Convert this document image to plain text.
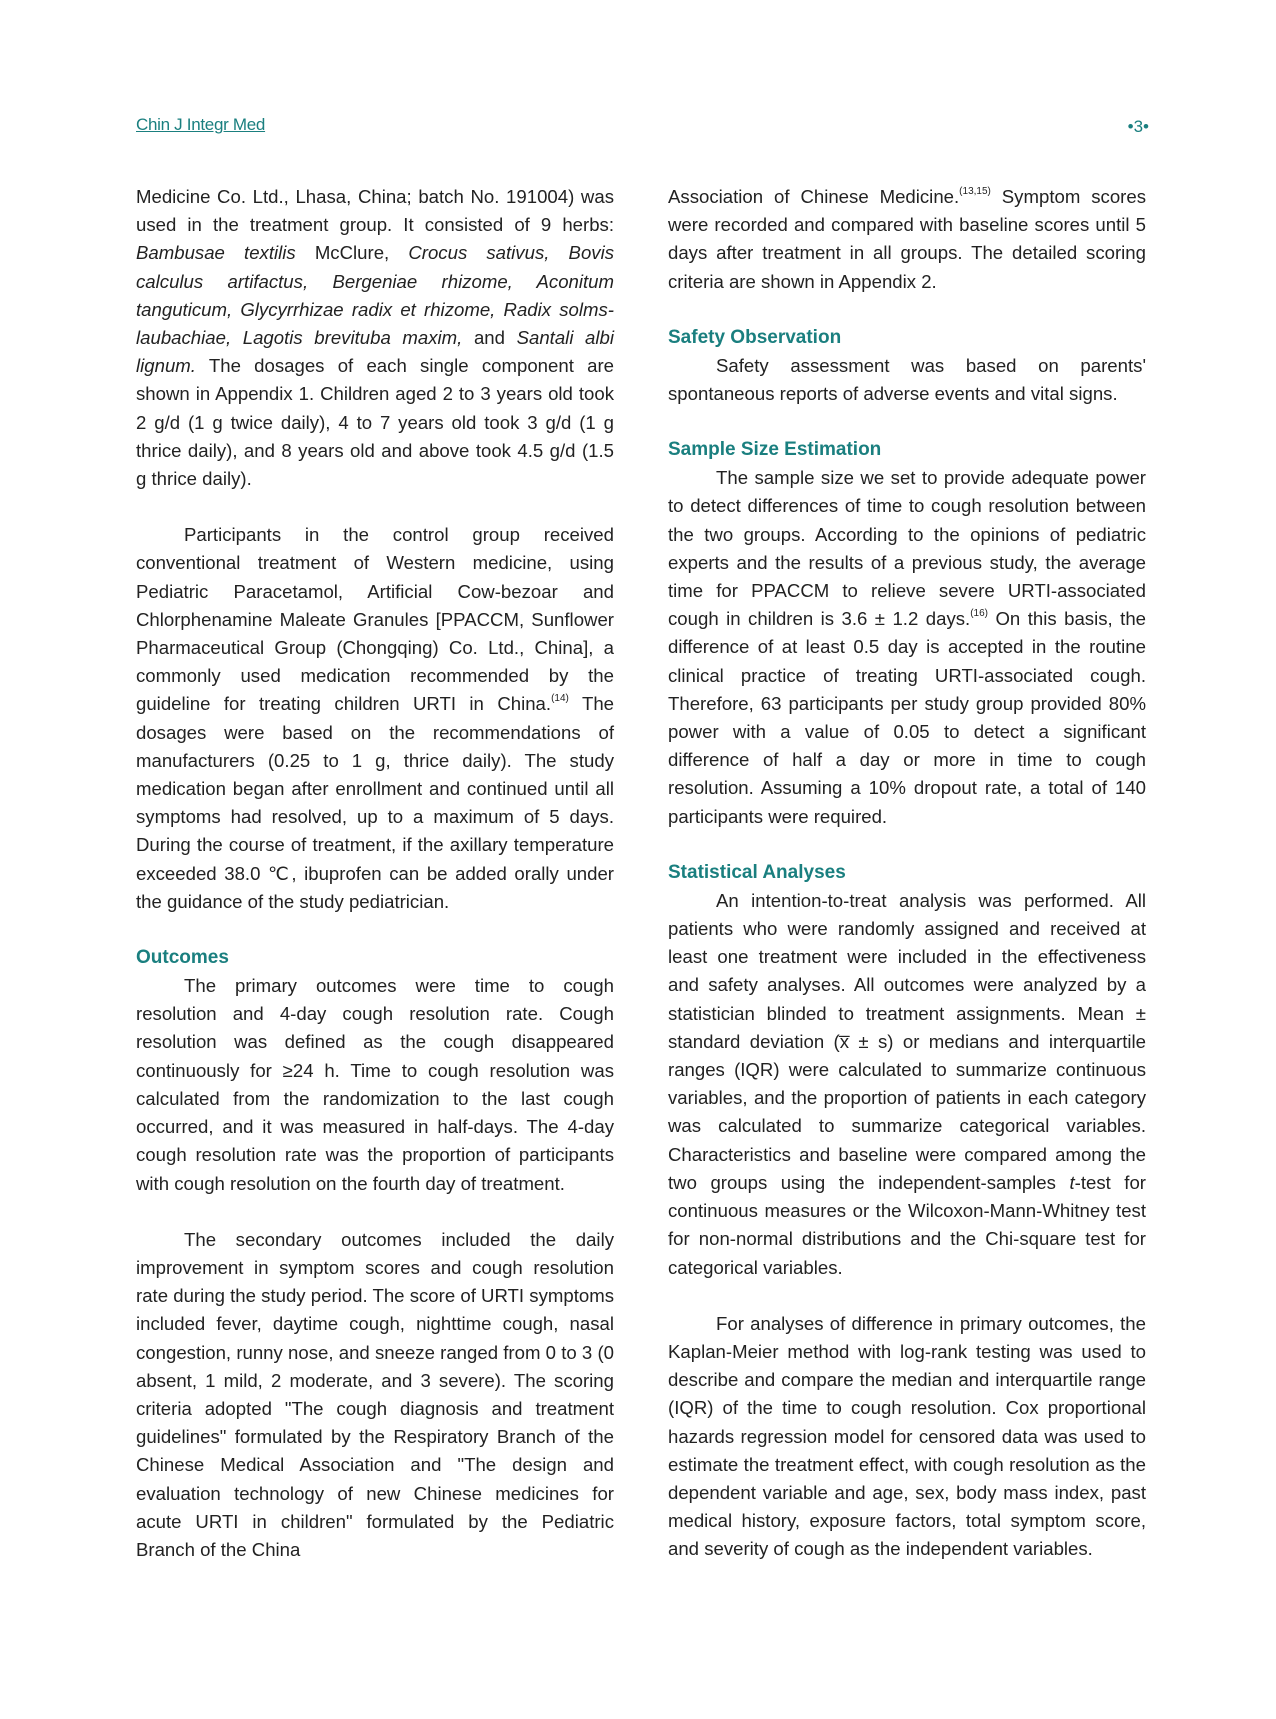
Chin J Integr Med	•3•

Medicine Co. Ltd., Lhasa, China; batch No. 191004) was used in the treatment group. It consisted of 9 herbs: Bambusae textilis McClure, Crocus sativus, Bovis calculus artifactus, Bergeniae rhizome, Aconitum tanguticum, Glycyrrhizae radix et rhizome, Radix solms-laubachiae, Lagotis brevituba maxim, and Santali albi lignum. The dosages of each single component are shown in Appendix 1. Children aged 2 to 3 years old took 2 g/d (1 g twice daily), 4 to 7 years old took 3 g/d (1 g thrice daily), and 8 years old and above took 4.5 g/d (1.5 g thrice daily).

Participants in the control group received conventional treatment of Western medicine, using Pediatric Paracetamol, Artificial Cow-bezoar and Chlorphenamine Maleate Granules [PPACCM, Sunflower Pharmaceutical Group (Chongqing) Co. Ltd., China], a commonly used medication recommended by the guideline for treating children URTI in China.$^{(14)}$ The dosages were based on the recommendations of manufacturers (0.25 to 1 g, thrice daily). The study medication began after enrollment and continued until all symptoms had resolved, up to a maximum of 5 days. During the course of treatment, if the axillary temperature exceeded 38.0 ℃, ibuprofen can be added orally under the guidance of the study pediatrician.

Outcomes

The primary outcomes were time to cough resolution and 4-day cough resolution rate. Cough resolution was defined as the cough disappeared continuously for ≥24 h. Time to cough resolution was calculated from the randomization to the last cough occurred, and it was measured in half-days. The 4-day cough resolution rate was the proportion of participants with cough resolution on the fourth day of treatment.

The secondary outcomes included the daily improvement in symptom scores and cough resolution rate during the study period. The score of URTI symptoms included fever, daytime cough, nighttime cough, nasal congestion, runny nose, and sneeze ranged from 0 to 3 (0 absent, 1 mild, 2 moderate, and 3 severe). The scoring criteria adopted "The cough diagnosis and treatment guidelines" formulated by the Respiratory Branch of the Chinese Medical Association and "The design and evaluation technology of new Chinese medicines for acute URTI in children" formulated by the Pediatric Branch of the China

Association of Chinese Medicine.$^{(13,15)}$ Symptom scores were recorded and compared with baseline scores until 5 days after treatment in all groups. The detailed scoring criteria are shown in Appendix 2.

Safety Observation

Safety assessment was based on parents' spontaneous reports of adverse events and vital signs.

Sample Size Estimation

The sample size we set to provide adequate power to detect differences of time to cough resolution between the two groups. According to the opinions of pediatric experts and the results of a previous study, the average time for PPACCM to relieve severe URTI-associated cough in children is 3.6 ± 1.2 days.$^{(16)}$ On this basis, the difference of at least 0.5 day is accepted in the routine clinical practice of treating URTI-associated cough. Therefore, 63 participants per study group provided 80% power with a value of 0.05 to detect a significant difference of half a day or more in time to cough resolution. Assuming a 10% dropout rate, a total of 140 participants were required.

Statistical Analyses

An intention-to-treat analysis was performed. All patients who were randomly assigned and received at least one treatment were included in the effectiveness and safety analyses. All outcomes were analyzed by a statistician blinded to treatment assignments. Mean ± standard deviation (x̅ ± s) or medians and interquartile ranges (IQR) were calculated to summarize continuous variables, and the proportion of patients in each category was calculated to summarize categorical variables. Characteristics and baseline were compared among the two groups using the independent-samples t-test for continuous measures or the Wilcoxon-Mann-Whitney test for non-normal distributions and the Chi-square test for categorical variables.

For analyses of difference in primary outcomes, the Kaplan-Meier method with log-rank testing was used to describe and compare the median and interquartile range (IQR) of the time to cough resolution. Cox proportional hazards regression model for censored data was used to estimate the treatment effect, with cough resolution as the dependent variable and age, sex, body mass index, past medical history, exposure factors, total symptom score, and severity of cough as the independent variables.
